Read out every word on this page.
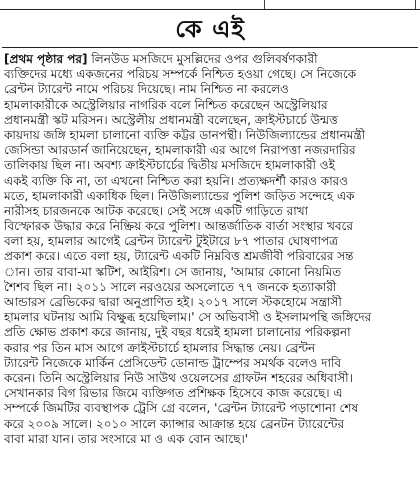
কে এই
[প্রথম পৃষ্ঠার পর] লিনউড মসজিদে মুসল্লিদের ওপর গুলিবর্ষণকারী
ব্যক্তিদের মধ্যে একজনের পরিচয় সম্পর্কে নিশ্চিত হওয়া গেছে। সে নিজেকে
ব্রেন্টন ট্যারেন্ট নামে পরিচয় দিয়েছে। নাম নিশ্চিত না করলেও
হামলাকারীকে অস্ট্রেলিয়ার নাগরিক বলে নিশ্চিত করেছেন অস্ট্রেলিয়ার
প্রধানমন্ত্রী স্কট মরিসন। অস্ট্রেলীয় প্রধানমন্ত্রী বলেছেন, ক্রাইস্টচার্চে উন্মত্ত
কায়দায় জঙ্গি হামলা চালানো ব্যক্তি কট্টর ডানপন্থী। নিউজিল্যান্ডের প্রধানমন্ত্রী
জেসিন্ডা আরডার্ন জানিয়েছেন, হামলাকারী এর আগে নিরাপত্তা নজরদারির
তালিকায় ছিল না। অবশ্য ক্রাইস্টচার্চের দ্বিতীয় মসজিদে হামলাকারী ওই
একই ব্যক্তি কি না, তা এখনো নিশ্চিত করা হয়নি। প্রত্যক্ষদর্শী কারও কারও
মতে, হামলাকারী একাধিক ছিল। নিউজিল্যান্ডের পুলিশ জড়িত সন্দেহে এক
নারীসহ চারজনকে আটক করেছে। সেই সঙ্গে একটি গাড়িতে রাখা
বিস্ফোরক উদ্ধার করে নিষ্ক্রিয় করে পুলিশ। আন্তর্জাতিক বার্তা সংস্থার খবরে
বলা হয়, হামলার আগেই ব্রেন্টন ট্যারেন্ট টুইটারে ৮৭ পাতার ঘোষণাপত্র
প্রকাশ করে। এতে বলা হয়, ট্যারেন্ট একটি নিম্নবিত্ত শ্রমজীবী পরিবারের সন্ত
ান। তার বাবা-মা স্কটিশ, আইরিশ। সে জানায়, 'আমার কোনো নিয়মিত
শৈশব ছিল না। ২০১১ সালে নরওয়ের অসলোতে ৭৭ জনকে হত্যাকারী
আন্ডারস ব্রেভিকের দ্বারা অনুপ্রাণিত হই। ২০১৭ সালে স্টকহোমে সন্ত্রাসী
হামলার ঘটনায় আমি বিক্ষুব্ধ হয়েছিলাম।' সে অভিবাসী ও ইসলামপন্থি জঙ্গিদের
প্রতি ক্ষোভ প্রকাশ করে জানায়, দুই বছর ধরেই হামলা চালানোর পরিকল্পনা
করার পর তিন মাস আগে ক্রাইস্টচার্চে হামলার সিদ্ধান্ত নেয়। ব্রেন্টন
ট্যারেন্ট নিজেকে মার্কিন প্রেসিডেন্ট ডোনাল্ড ট্রাম্পের সমর্থক বলেও দাবি
করেন। তিনি অস্ট্রেলিয়ার নিউ সাউথ ওয়েলসের গ্রাফটন শহরের অধিবাসী।
সেখানকার বিগ রিভার জিমে ব্যক্তিগত প্রশিক্ষক হিসেবে কাজ করেছে। এ
সম্পর্কে জিমটির ব্যবস্থাপক ট্রেসি গ্রে বলেন, 'ব্রেন্টন ট্যারেন্ট পড়াশোনা শেষ
করে ২০০৯ সালে। ২০১০ সালে ক্যান্সার আক্রান্ত হয়ে ব্রেনটন ট্যারেন্টের
বাবা মারা যান। তার সংসারে মা ও এক বোন আছে।'
